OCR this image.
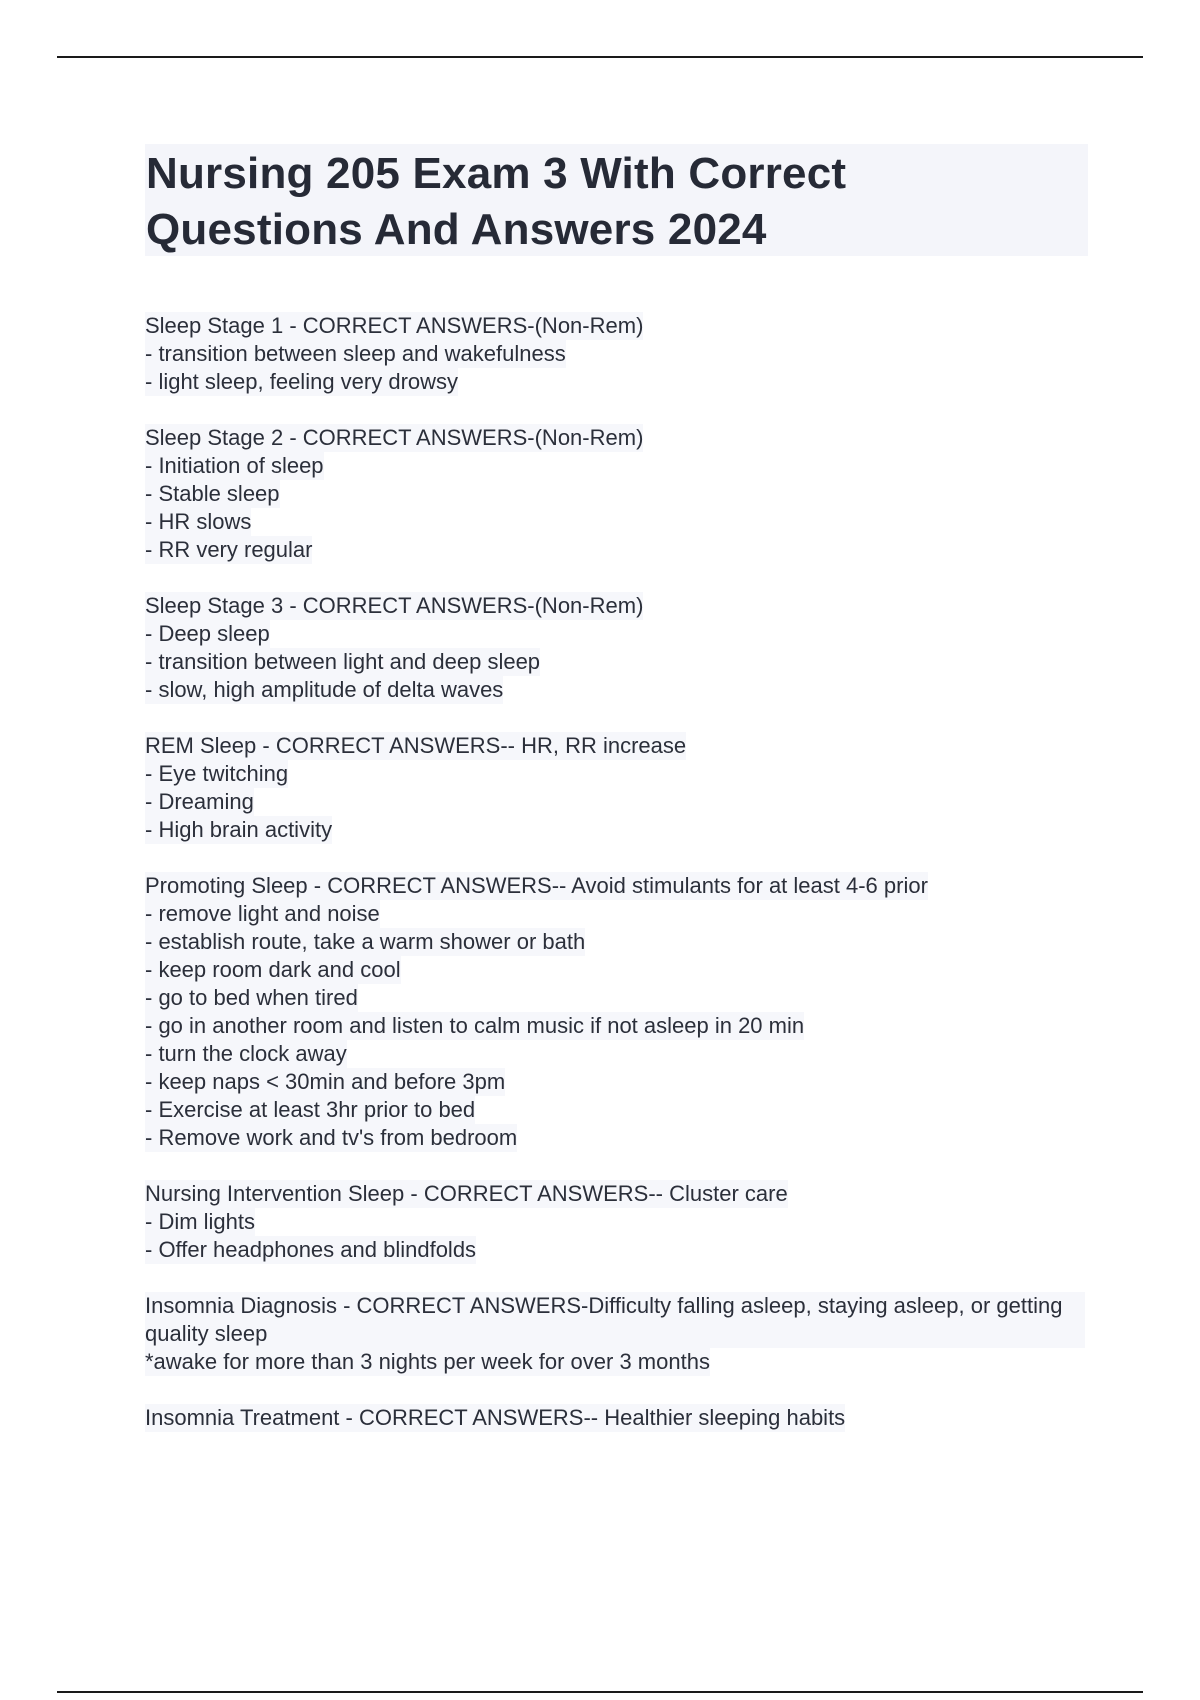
Nursing 205 Exam 3 With Correct
Questions And Answers 2024
Sleep Stage 1 - CORRECT ANSWERS-(Non-Rem)
- transition between sleep and wakefulness
- light sleep, feeling very drowsy
Sleep Stage 2 - CORRECT ANSWERS-(Non-Rem)
- Initiation of sleep
- Stable sleep
- HR slows
- RR very regular
Sleep Stage 3 - CORRECT ANSWERS-(Non-Rem)
- Deep sleep
- transition between light and deep sleep
- slow, high amplitude of delta waves
REM Sleep - CORRECT ANSWERS-- HR, RR increase
- Eye twitching
- Dreaming
- High brain activity
Promoting Sleep - CORRECT ANSWERS-- Avoid stimulants for at least 4-6 prior
- remove light and noise
- establish route, take a warm shower or bath
- keep room dark and cool
- go to bed when tired
- go in another room and listen to calm music if not asleep in 20 min
- turn the clock away
- keep naps < 30min and before 3pm
- Exercise at least 3hr prior to bed
- Remove work and tv's from bedroom
Nursing Intervention Sleep - CORRECT ANSWERS-- Cluster care
- Dim lights
- Offer headphones and blindfolds
Insomnia Diagnosis - CORRECT ANSWERS-Difficulty falling asleep, staying asleep, or getting quality sleep
*awake for more than 3 nights per week for over 3 months
Insomnia Treatment - CORRECT ANSWERS-- Healthier sleeping habits
